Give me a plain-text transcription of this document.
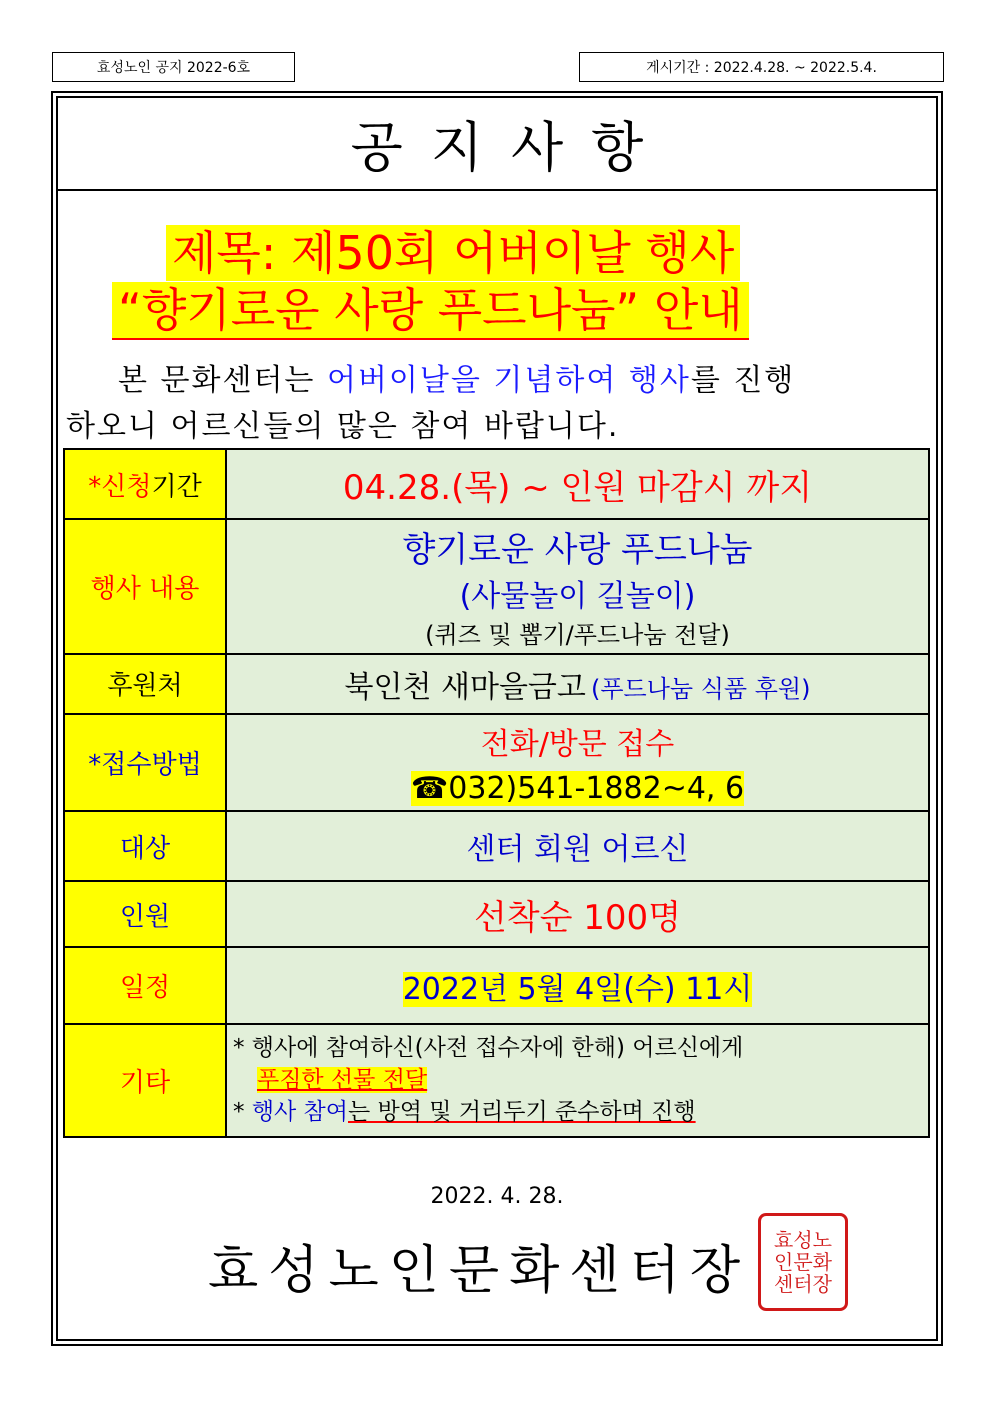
효성노인 공지 2022-6호	게시기간 : 2022.4.28. ~ 2022.5.4.
공지사항
제목: 제50회 어버이날 행사
“향기로운 사랑 푸드나눔” 안내
본 문화센터는 어버이날을 기념하여 행사를 진행
하오니 어르신들의 많은 참여 바랍니다.
*신청기간	04.28.(목) ~ 인원 마감시 까지
행사 내용	향기로운 사랑 푸드나눔
(사물놀이 길놀이)
(퀴즈 및 뽑기/푸드나눔 전달)

후원처	북인천 새마을금고 (푸드나눔 식품 후원)
*접수방법	전화/방문 접수
☎032)541-1882~4, 6

대상	센터 회원 어르신
인원	선착순 100명
일정	2022년 5월 4일(수) 11시
기타	* 행사에 참여하신(사전 접수자에 한해) 어르신에게
푸짐한 선물 전달
* 행사 참여는 방역 및 거리두기 준수하며 진행
2022. 4. 28.
효성노인문화센터장
효성노인문화센터장
